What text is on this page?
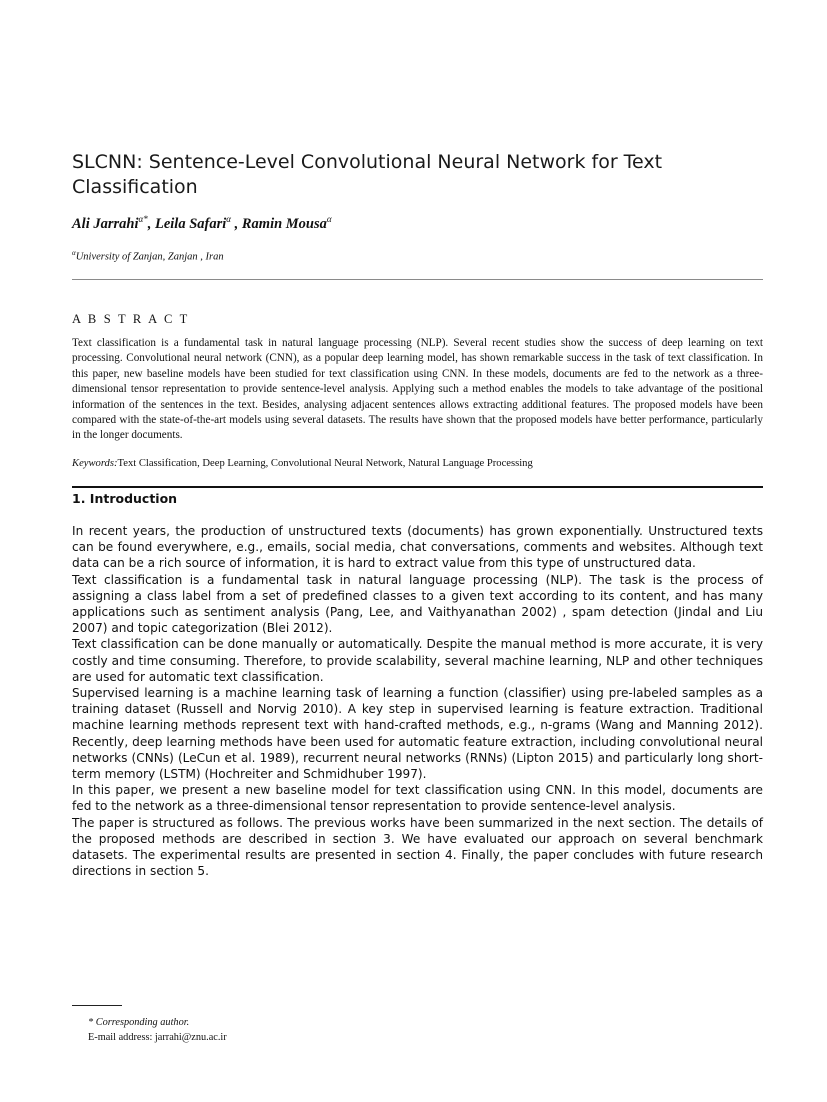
SLCNN: Sentence-Level Convolutional Neural Network for Text Classification
Ali Jarrahi$^{\alpha*}$, Leila Safari$^\alpha$ , Ramin Mousa$^\alpha$
$^\alpha$University of Zanjan, Zanjan , Iran
A B S T R A C T

Text classification is a fundamental task in natural language processing (NLP). Several recent studies show the success of deep learning on text processing. Convolutional neural network (CNN), as a popular deep learning model, has shown remarkable success in the task of text classification. In this paper, new baseline models have been studied for text classification using CNN. In these models, documents are fed to the network as a three-dimensional tensor representation to provide sentence-level analysis. Applying such a method enables the models to take advantage of the positional information of the sentences in the text. Besides, analysing adjacent sentences allows extracting additional features. The proposed models have been compared with the state-of-the-art models using several datasets. The results have shown that the proposed models have better performance, particularly in the longer documents.

Keywords:Text Classification, Deep Learning, Convolutional Neural Network, Natural Language Processing
1. Introduction

In recent years, the production of unstructured texts (documents) has grown exponentially. Unstructured texts can be found everywhere, e.g., emails, social media, chat conversations, comments and websites. Although text data can be a rich source of information, it is hard to extract value from this type of unstructured data.

Text classification is a fundamental task in natural language processing (NLP). The task is the process of assigning a class label from a set of predefined classes to a given text according to its content, and has many applications such as sentiment analysis (Pang, Lee, and Vaithyanathan 2002) , spam detection (Jindal and Liu 2007) and topic categorization (Blei 2012).

Text classification can be done manually or automatically. Despite the manual method is more accurate, it is very costly and time consuming. Therefore, to provide scalability, several machine learning, NLP and other techniques are used for automatic text classification.

Supervised learning is a machine learning task of learning a function (classifier) using pre-labeled samples as a training dataset (Russell and Norvig 2010). A key step in supervised learning is feature extraction. Traditional machine learning methods represent text with hand-crafted methods, e.g., n-grams (Wang and Manning 2012). Recently, deep learning methods have been used for automatic feature extraction, including convolutional neural networks (CNNs) (LeCun et al. 1989), recurrent neural networks (RNNs) (Lipton 2015) and particularly long short-term memory (LSTM) (Hochreiter and Schmidhuber 1997).

In this paper, we present a new baseline model for text classification using CNN. In this model, documents are fed to the network as a three-dimensional tensor representation to provide sentence-level analysis.

The paper is structured as follows. The previous works have been summarized in the next section. The details of the proposed methods are described in section 3. We have evaluated our approach on several benchmark datasets. The experimental results are presented in section 4. Finally, the paper concludes with future research directions in section 5.

* Corresponding author.
E-mail address: jarrahi@znu.ac.ir
